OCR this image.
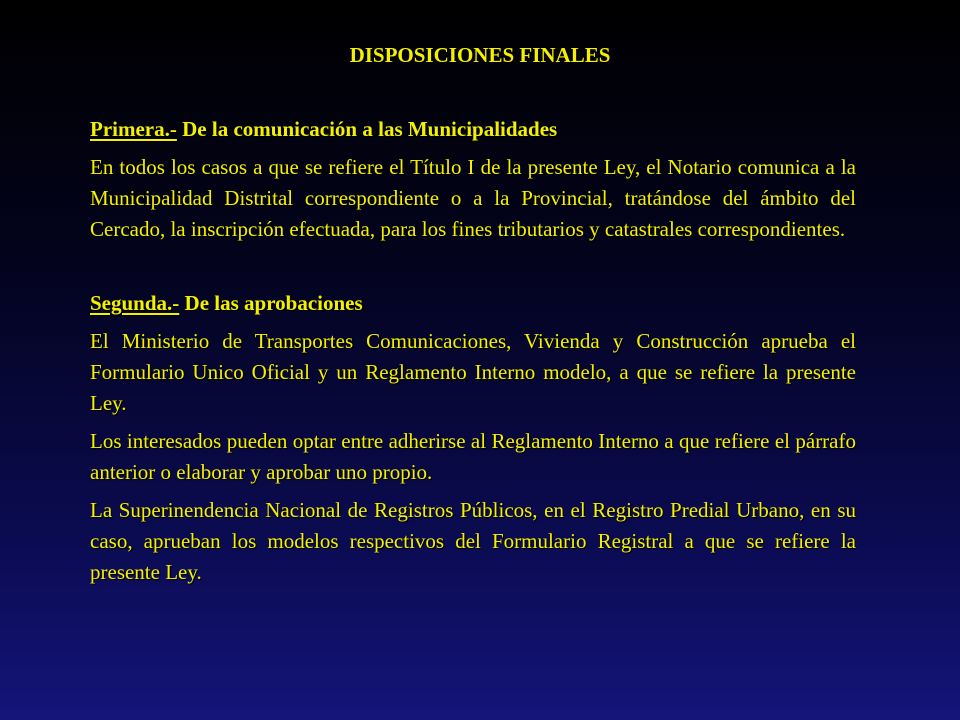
DISPOSICIONES FINALES

Primera.- De la comunicación a las Municipalidades

En todos los casos a que se refiere el Título I de la presente Ley, el Notario comunica a la Municipalidad Distrital correspondiente o a la Provincial, tratándose del ámbito del Cercado, la inscripción efectuada, para los fines tributarios y catastrales correspondientes.

Segunda.- De las aprobaciones

El Ministerio de Transportes Comunicaciones, Vivienda y Construcción aprueba el Formulario Unico Oficial y un Reglamento Interno modelo, a que se refiere la presente Ley.

Los interesados pueden optar entre adherirse al Reglamento Interno a que refiere el párrafo anterior o elaborar y aprobar uno propio.

La Superinendencia Nacional de Registros Públicos, en el Registro Predial Urbano, en su caso, aprueban los modelos respectivos del Formulario Registral a que se refiere la presente Ley.
